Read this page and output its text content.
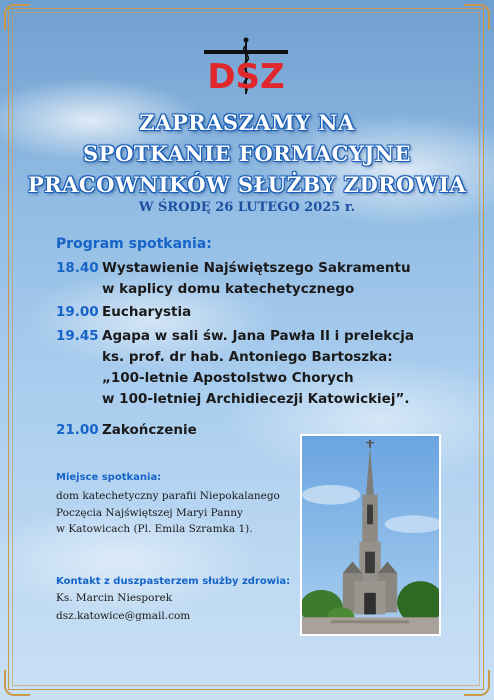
DSZ
ZAPRASZAMY NA
SPOTKANIE FORMACYJNE
PRACOWNIKÓW SŁUŻBY ZDROWIA
W ŚRODĘ 26 LUTEGO 2025 r.
Program spotkania:
18.40 Wystawienie Najświętszego Sakramentu
w kaplicy domu katechetycznego
19.00 Eucharystia
19.45 Agapa w sali św. Jana Pawła II i prelekcja
ks. prof. dr hab. Antoniego Bartoszka:
„100-letnie Apostolstwo Chorych
w 100-letniej Archidiecezji Katowickiej”.
21.00 Zakończenie
Miejsce spotkania:
dom katechetyczny parafii Niepokalanego
Poczęcia Najświętszej Maryi Panny
w Katowicach (Pl. Emila Szramka 1).
Kontakt z duszpasterzem służby zdrowia:
Ks. Marcin Niesporek
dsz.katowice@gmail.com
